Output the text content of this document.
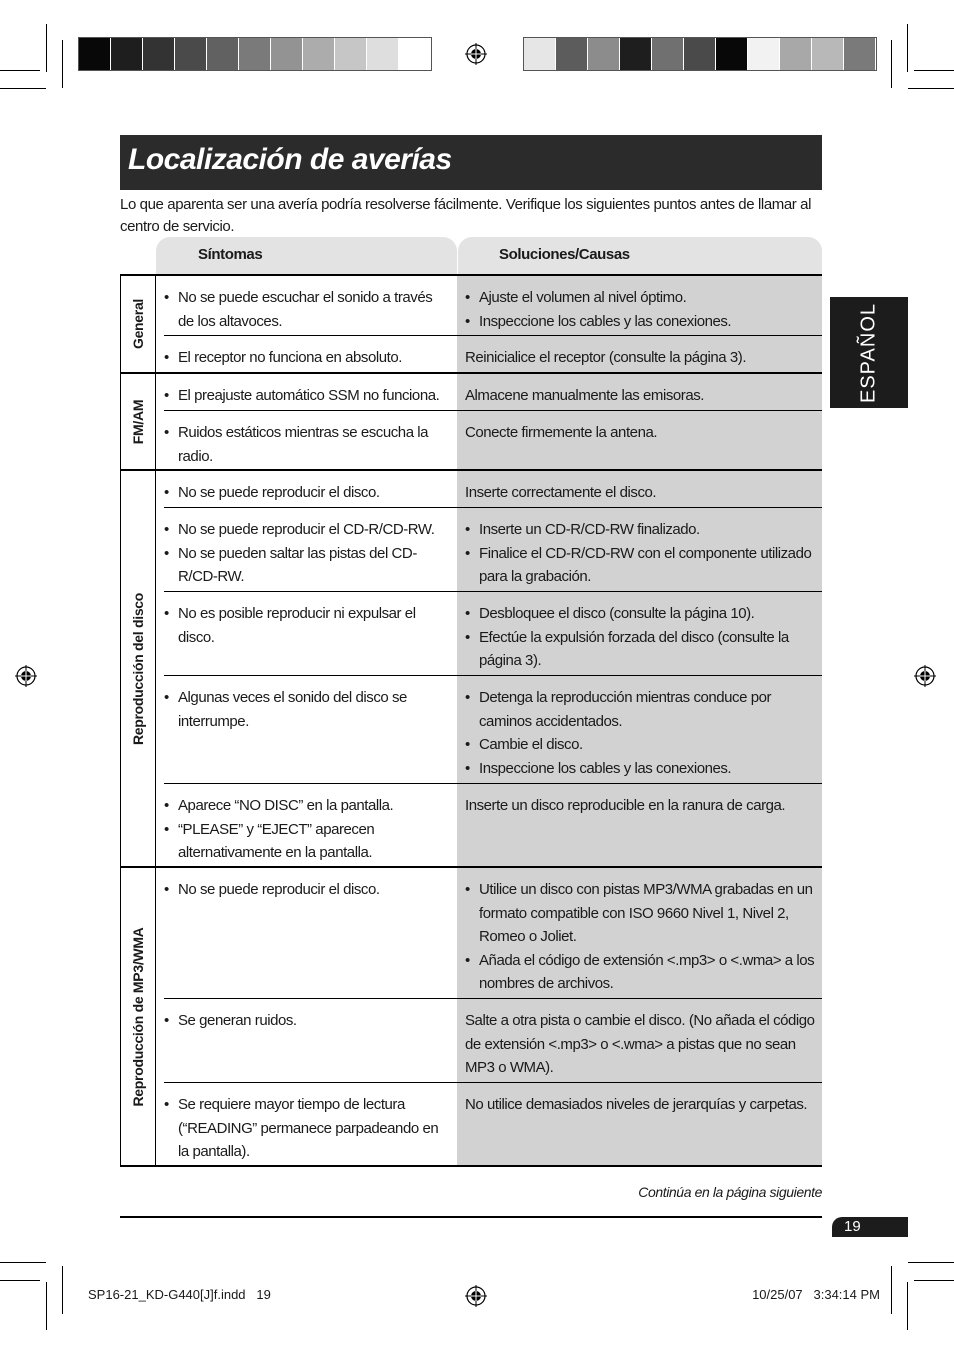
Localización de averías
Lo que aparenta ser una avería podría resolverse fácilmente. Verifique los siguientes puntos antes de llamar al centro de servicio.
ESPAÑOL
Síntomas	Soluciones/Causas
General
FM/AM
Reproducción del disco
Reproducción de MP3/WMA
• No se puede escuchar el sonido a través de los altavoces.
• Ajuste el volumen al nivel óptimo.
• Inspeccione los cables y las conexiones.
• El receptor no funciona en absoluto.	Reinicialice el receptor (consulte la página 3).
• El preajuste automático SSM no funciona.	Almacene manualmente las emisoras.
• Ruidos estáticos mientras se escucha la radio.
Conecte firmemente la antena.
• No se puede reproducir el disco.	Inserte correctamente el disco.
• No se puede reproducir el CD-R/CD-RW.
• No se pueden saltar las pistas del CD-R/CD-RW.
• Inserte un CD-R/CD-RW finalizado.
• Finalice el CD-R/CD-RW con el componente utilizado para la grabación.
• No es posible reproducir ni expulsar el disco.
• Desbloquee el disco (consulte la página 10).
• Efectúe la expulsión forzada del disco (consulte la página 3).
• Algunas veces el sonido del disco se interrumpe.
• Detenga la reproducción mientras conduce por caminos accidentados.
• Cambie el disco.
• Inspeccione los cables y las conexiones.
• Aparece “NO DISC” en la pantalla.
• “PLEASE” y “EJECT” aparecen alternativamente en la pantalla.
Inserte un disco reproducible en la ranura de carga.
• No se puede reproducir el disco.
•	Utilice un disco con pistas MP3/WMA grabadas en un formato compatible con ISO 9660 Nivel 1, Nivel 2, Romeo o Joliet.
• Añada el código de extensión <.mp3> o <.wma> a los nombres de archivos.
• Se generan ruidos.	Salte a otra pista o cambie el disco. (No añada el código de extensión <.mp3> o <.wma> a pistas que no sean MP3 o WMA).
• Se requiere mayor tiempo de lectura (“READING” permanece parpadeando en la pantalla).
No utilice demasiados niveles de jerarquías y carpetas.
Continúa en la página siguiente
19
SP16-21_KD-G440[J]f.indd   19	10/25/07   3:34:14 PM
